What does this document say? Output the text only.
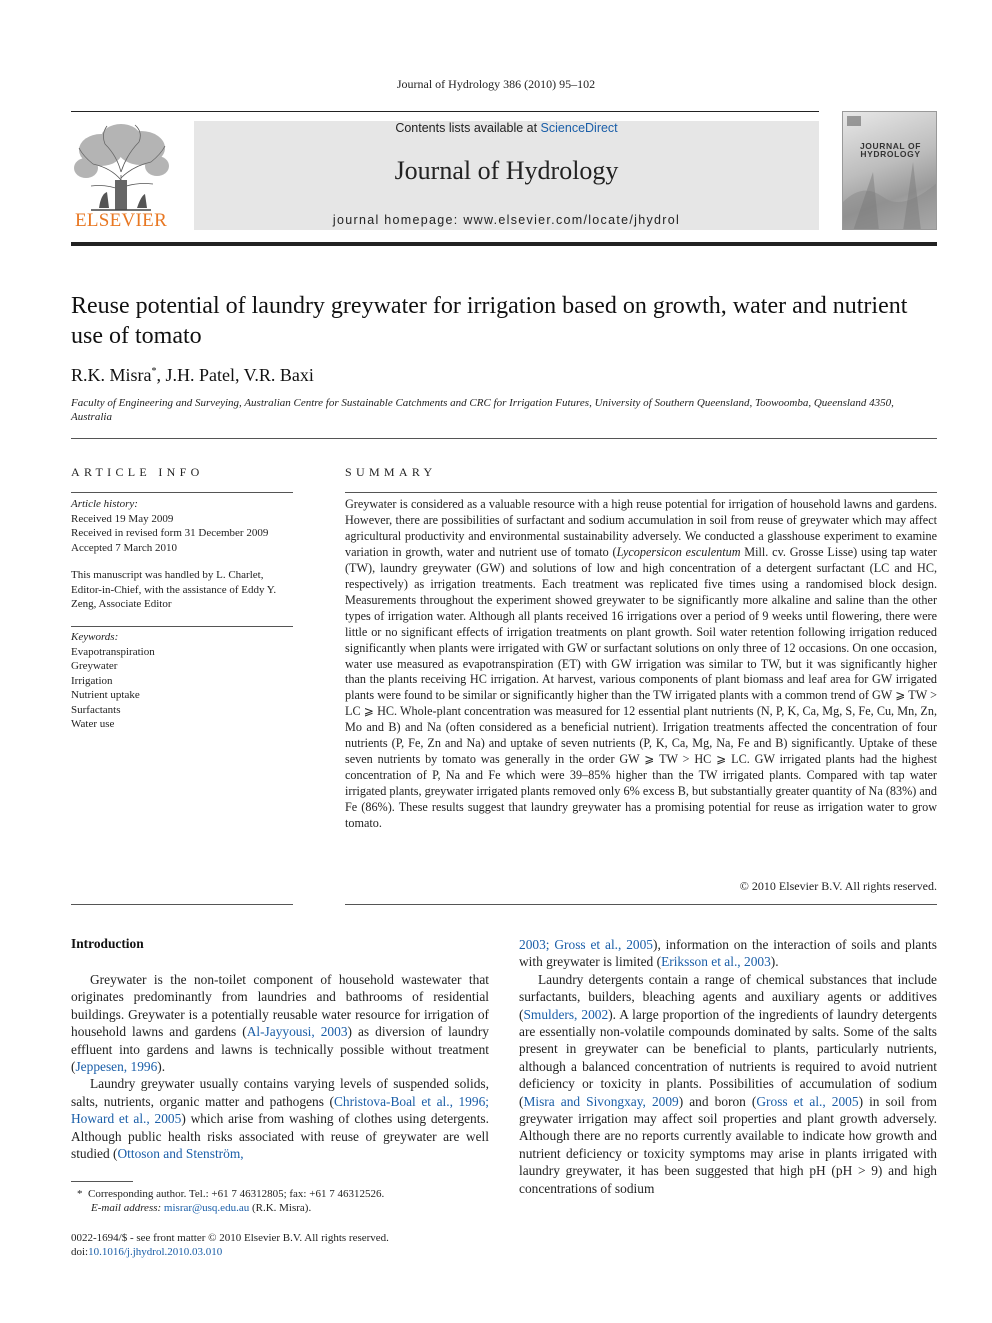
Journal of Hydrology 386 (2010) 95–102
ELSEVIER
Contents lists available at ScienceDirect
Journal of Hydrology
journal homepage: www.elsevier.com/locate/jhydrol
JOURNAL OF
HYDROLOGY
Reuse potential of laundry greywater for irrigation based on growth, water and nutrient use of tomato
R.K. Misra*, J.H. Patel, V.R. Baxi
Faculty of Engineering and Surveying, Australian Centre for Sustainable Catchments and CRC for Irrigation Futures, University of Southern Queensland, Toowoomba, Queensland 4350, Australia
ARTICLE INFO
Article history:
Received 19 May 2009
Received in revised form 31 December 2009
Accepted 7 March 2010
This manuscript was handled by L. Charlet, Editor-in-Chief, with the assistance of Eddy Y. Zeng, Associate Editor
Keywords:
Evapotranspiration
Greywater
Irrigation
Nutrient uptake
Surfactants
Water use
SUMMARY
Greywater is considered as a valuable resource with a high reuse potential for irrigation of household lawns and gardens. However, there are possibilities of surfactant and sodium accumulation in soil from reuse of greywater which may affect agricultural productivity and environmental sustainability adversely. We conducted a glasshouse experiment to examine variation in growth, water and nutrient use of tomato (Lycopersicon esculentum Mill. cv. Grosse Lisse) using tap water (TW), laundry greywater (GW) and solutions of low and high concentration of a detergent surfactant (LC and HC, respectively) as irrigation treatments. Each treatment was replicated five times using a randomised block design. Measurements throughout the experiment showed greywater to be significantly more alkaline and saline than the other types of irrigation water. Although all plants received 16 irrigations over a period of 9 weeks until flowering, there were little or no significant effects of irrigation treatments on plant growth. Soil water retention following irrigation reduced significantly when plants were irrigated with GW or surfactant solutions on only three of 12 occasions. On one occasion, water use measured as evapotranspiration (ET) with GW irrigation was similar to TW, but it was significantly higher than the plants receiving HC irrigation. At harvest, various components of plant biomass and leaf area for GW irrigated plants were found to be similar or significantly higher than the TW irrigated plants with a common trend of GW ⩾ TW > LC ⩾ HC. Whole-plant concentration was measured for 12 essential plant nutrients (N, P, K, Ca, Mg, S, Fe, Cu, Mn, Zn, Mo and B) and Na (often considered as a beneficial nutrient). Irrigation treatments affected the concentration of four nutrients (P, Fe, Zn and Na) and uptake of seven nutrients (P, K, Ca, Mg, Na, Fe and B) significantly. Uptake of these seven nutrients by tomato was generally in the order GW ⩾ TW > HC ⩾ LC. GW irrigated plants had the highest concentration of P, Na and Fe which were 39–85% higher than the TW irrigated plants. Compared with tap water irrigated plants, greywater irrigated plants removed only 6% excess B, but substantially greater quantity of Na (83%) and Fe (86%). These results suggest that laundry greywater has a promising potential for reuse as irrigation water to grow tomato.
© 2010 Elsevier B.V. All rights reserved.
Introduction

Greywater is the non-toilet component of household wastewater that originates predominantly from laundries and bathrooms of residential buildings. Greywater is a potentially reusable water resource for irrigation of household lawns and gardens (Al-Jayyousi, 2003) as diversion of laundry effluent into gardens and lawns is technically possible without treatment (Jeppesen, 1996).

Laundry greywater usually contains varying levels of suspended solids, salts, nutrients, organic matter and pathogens (Christova-Boal et al., 1996; Howard et al., 2005) which arise from washing of clothes using detergents. Although public health risks associated with reuse of greywater are well studied (Ottoson and Stenström,

2003; Gross et al., 2005), information on the interaction of soils and plants with greywater is limited (Eriksson et al., 2003).

Laundry detergents contain a range of chemical substances that include surfactants, builders, bleaching agents and auxiliary agents or additives (Smulders, 2002). A large proportion of the ingredients of laundry detergents are essentially non-volatile compounds dominated by salts. Some of the salts present in greywater can be beneficial to plants, particularly nutrients, although a balanced concentration of nutrients is required to avoid nutrient deficiency or toxicity in plants. Possibilities of accumulation of sodium (Misra and Sivongxay, 2009) and boron (Gross et al., 2005) in soil from greywater irrigation may affect soil properties and plant growth adversely. Although there are no reports currently available to indicate how growth and nutrient deficiency or toxicity symptoms may arise in plants irrigated with laundry greywater, it has been suggested that high pH (pH > 9) and high concentrations of sodium

* Corresponding author. Tel.: +61 7 46312805; fax: +61 7 46312526.
E-mail address: misrar@usq.edu.au (R.K. Misra).
0022-1694/$ - see front matter © 2010 Elsevier B.V. All rights reserved.
doi:10.1016/j.jhydrol.2010.03.010
